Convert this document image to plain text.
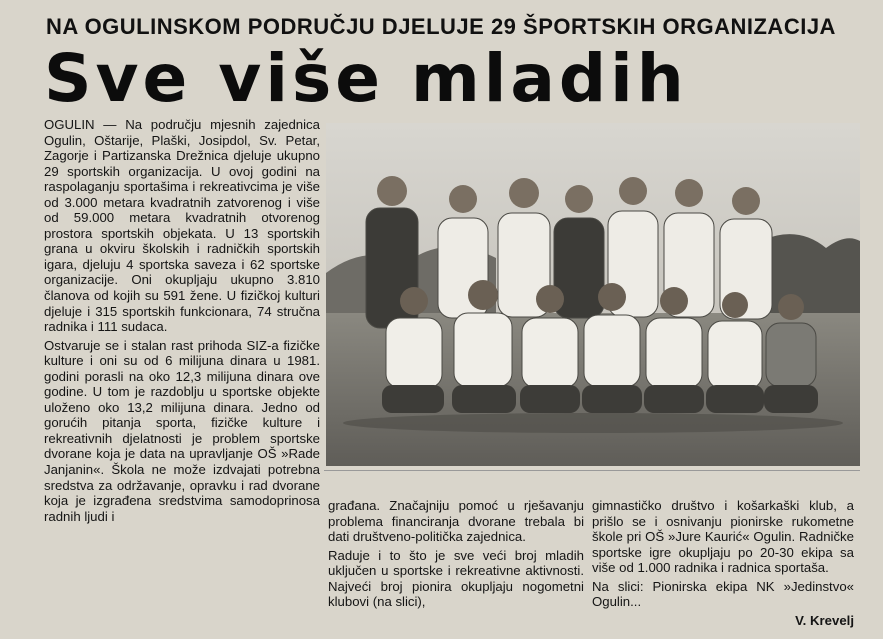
NA OGULINSKOM PODRUČJU DJELUJE 29 ŠPORTSKIH ORGANIZACIJA
Sve više mladih

OGULIN — Na području mjesnih zajednica Ogulin, Oštarije, Plaški, Josipdol, Sv. Petar, Zagorje i Partizanska Drežnica djeluje ukupno 29 sportskih organizacija. U ovoj godini na raspolaganju sportašima i rekreativcima je više od 3.000 metara kvadratnih zatvorenog i više od 59.000 metara kvadratnih otvorenog prostora sportskih objekata. U 13 sportskih grana u okviru školskih i radničkih sportskih igara, djeluju 4 sportska saveza i 62 sportske organizacije. Oni okupljaju ukupno 3.810 članova od kojih su 591 žene. U fizičkoj kulturi djeluje i 315 sportskih funkcionara, 74 stručna radnika i 111 sudaca.

Ostvaruje se i stalan rast prihoda SIZ-a fizičke kulture i oni su od 6 milijuna dinara u 1981. godini porasli na oko 12,3 milijuna dinara ove godine. U tom je razdoblju u sportske objekte uloženo oko 13,2 milijuna dinara. Jedno od gorućih pitanja sporta, fizičke kulture i rekreativnih djelatnosti je problem sportske dvorane koja je data na upravljanje OŠ »Rade Janjanin«. Škola ne može izdvajati potrebna sredstva za održavanje, opravku i rad dvorane koja je izgrađena sredstvima samodoprinosa radnih ljudi i

građana. Značajniju pomoć u rješavanju problema financiranja dvorane trebala bi dati društveno-politička zajednica.

Raduje i to što je sve veći broj mladih uključen u sportske i rekreativne aktivnosti. Najveći broj pionira okupljaju nogometni klubovi (na slici),

gimnastičko društvo i košarkaški klub, a prišlo se i osnivanju pionirske rukometne škole pri OŠ »Jure Kaurić« Ogulin. Radničke sportske igre okupljaju po 20-30 ekipa sa više od 1.000 radnika i radnica sportaša.

Na slici: Pionirska ekipa NK »Jedinstvo« Ogulin...

V. Krevelj
